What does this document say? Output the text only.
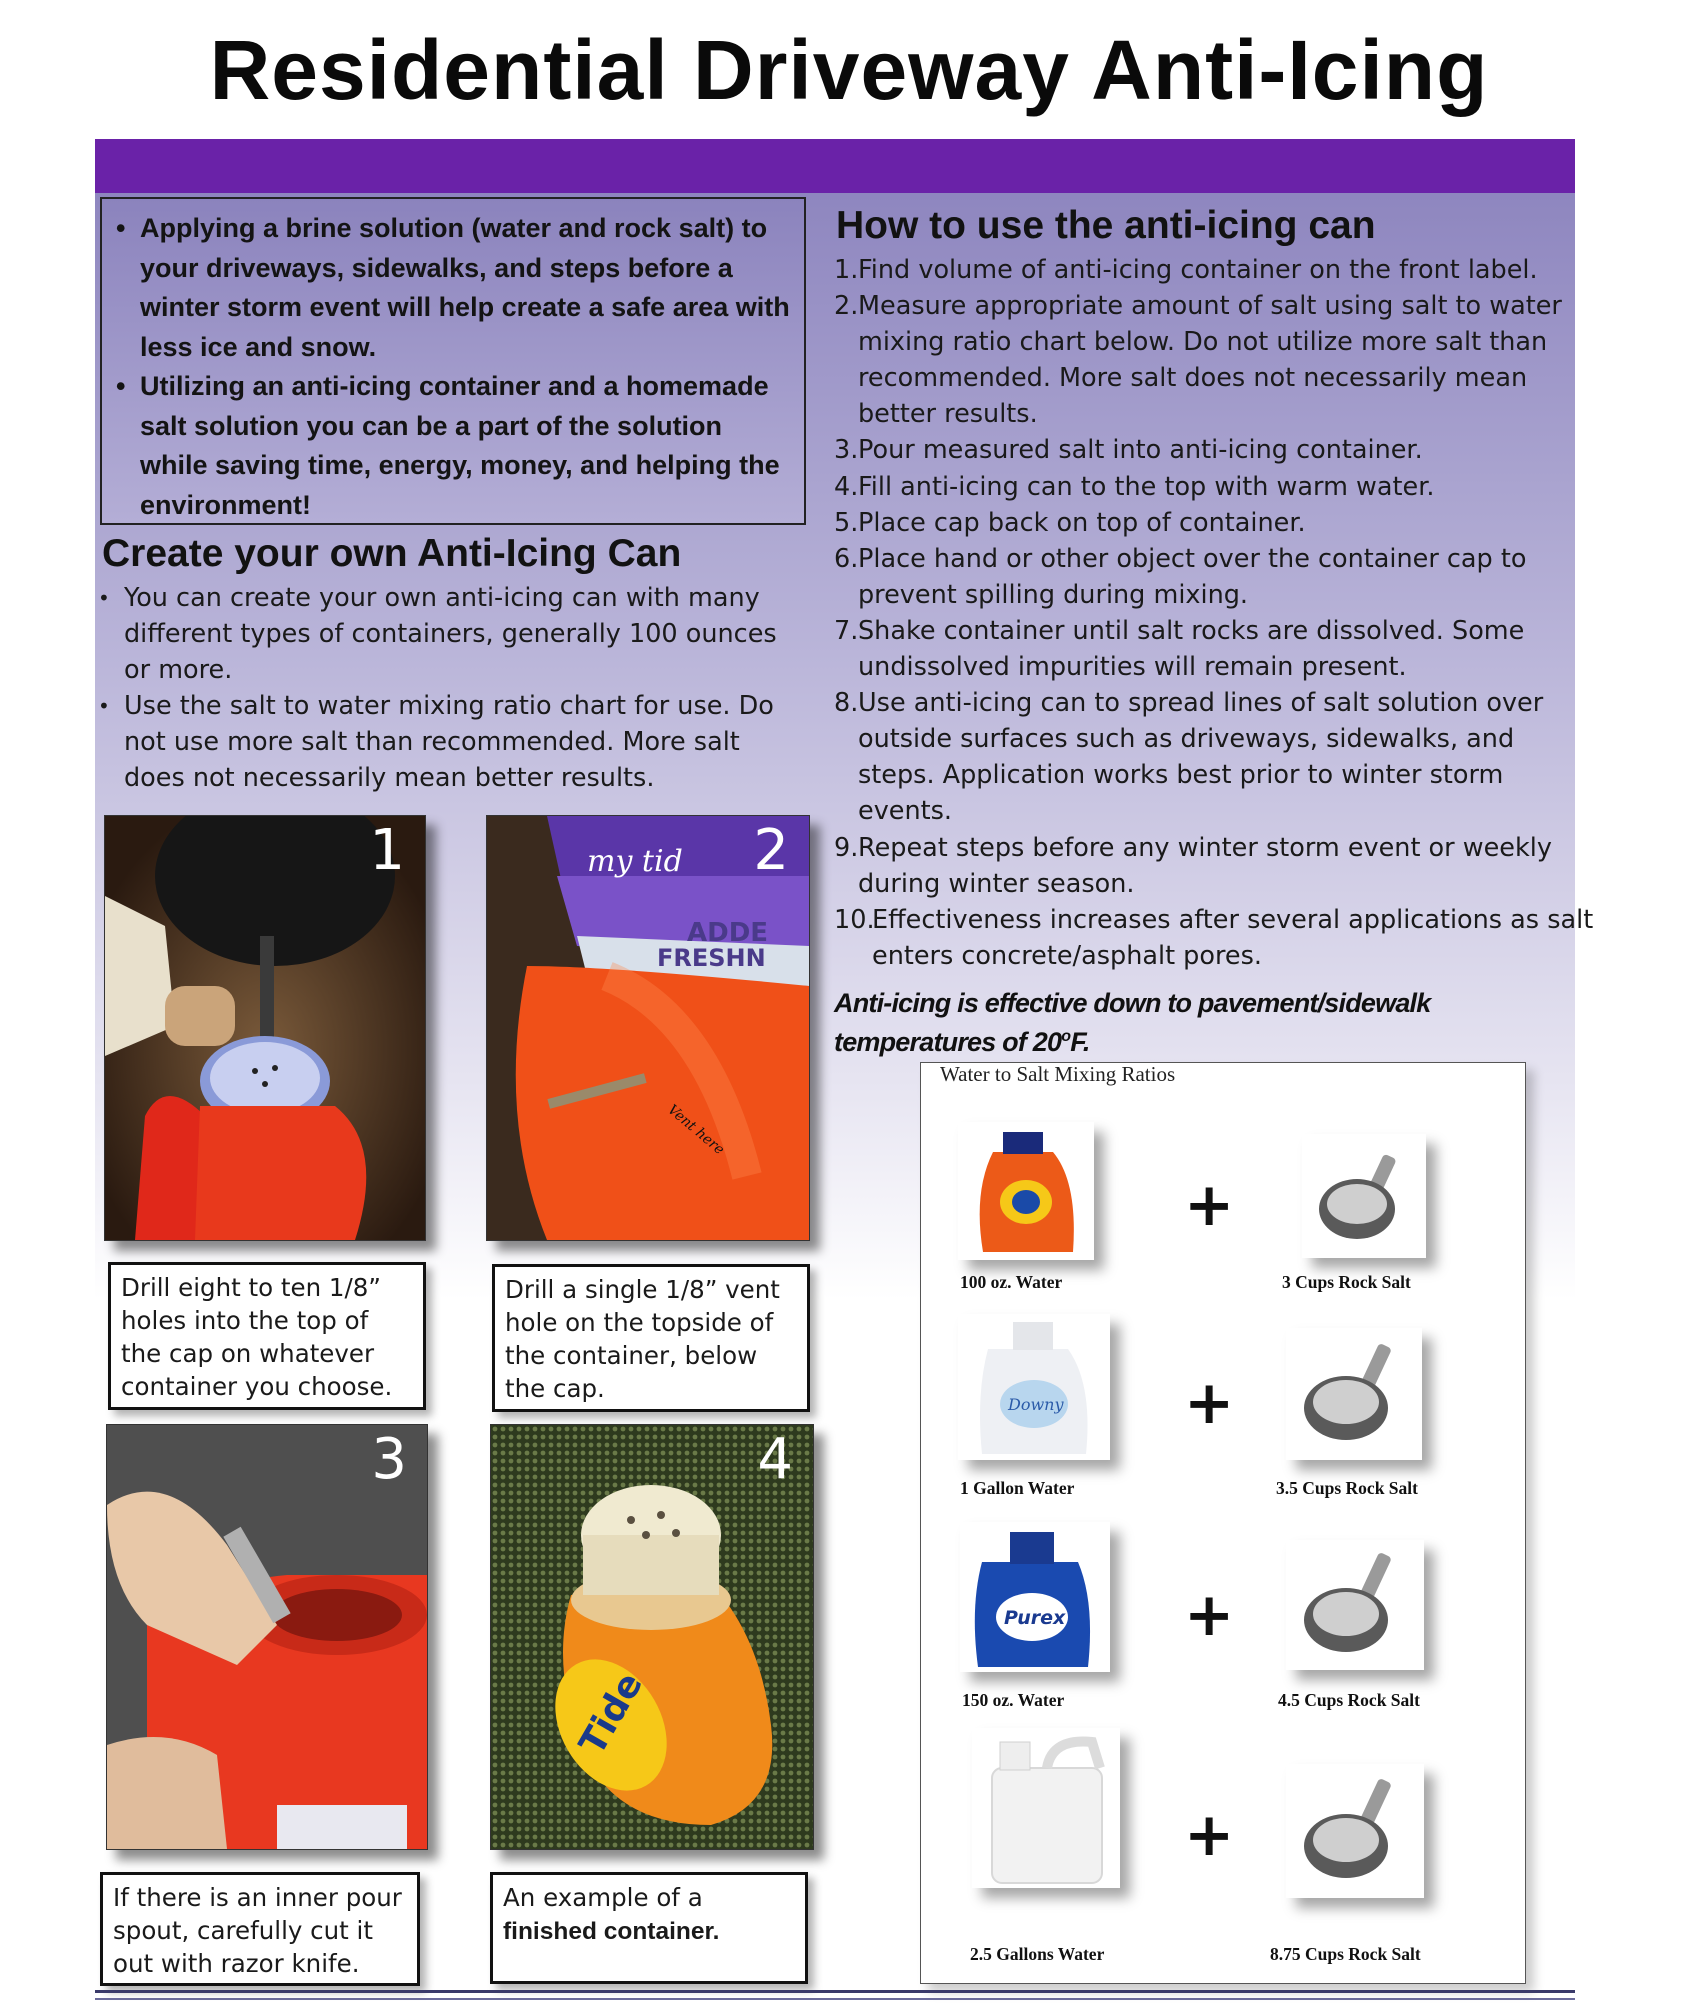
Residential Driveway Anti-Icing
• Applying a brine solution (water and rock salt) to your driveways, sidewalks, and steps before a winter storm event will help create a safe area with less ice and snow.
• Utilizing an anti-icing container and a homemade salt solution you can be a part of the solution while saving time, energy, money, and helping the environment!
Create your own Anti-Icing Can
• You can create your own anti-icing can with many different types of containers, generally 100 ounces or more.
• Use the salt to water mixing ratio chart for use. Do not use more salt than recommended. More salt does not necessarily mean better results.
How to use the anti-icing can
1. Find volume of anti-icing container on the front label.
2. Measure appropriate amount of salt using salt to water mixing ratio chart below. Do not utilize more salt than recommended. More salt does not necessarily mean better results.
3. Pour measured salt into anti-icing container.
4. Fill anti-icing can to the top with warm water.
5. Place cap back on top of container.
6. Place hand or other object over the container cap to prevent spilling during mixing.
7. Shake container until salt rocks are dissolved. Some undissolved impurities will remain present.
8. Use anti-icing can to spread lines of salt solution over outside surfaces such as driveways, sidewalks, and steps. Application works best prior to winter storm events.
9. Repeat steps before any winter storm event or weekly during winter season.
10.
Effectiveness increases after several applications as salt enters concrete/asphalt pores.
Anti-icing is effective down to pavement/sidewalk temperatures of 20$^o$F.
1
Drill eight to ten 1/8” holes into the top of the cap on whatever container you choose.
my tid
ADDE
FRESHN
Vent here
2
Drill a single 1/8” vent hole on the topside of the container, below the cap.
3
If there is an inner pour spout, carefully cut it out with razor knife.
Tide
4
An example of a finished container.
Water to Salt Mixing Ratios
+
100 oz. Water	3 Cups Rock Salt
Downy +
1 Gallon Water	3.5 Cups Rock Salt
Purex +
150 oz. Water	4.5 Cups Rock Salt
+
2.5 Gallons Water	8.75 Cups Rock Salt
